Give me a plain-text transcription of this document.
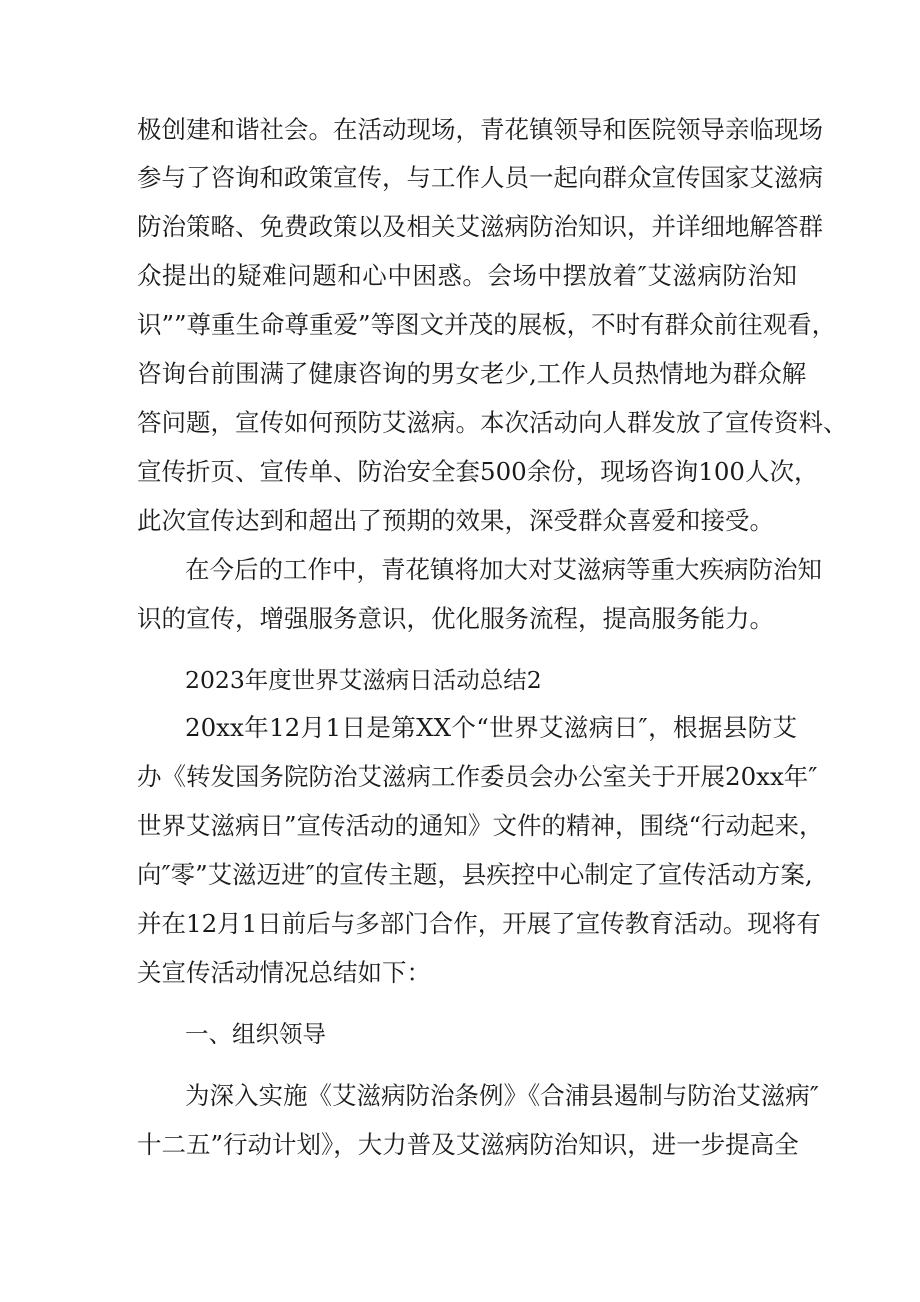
极创建和谐社会。在活动现场，青花镇领导和医院领导亲临现场
参与了咨询和政策宣传，与工作人员一起向群众宣传国家艾滋病
防治策略、免费政策以及相关艾滋病防治知识，并详细地解答群
众提出的疑难问题和心中困惑。会场中摆放着″艾滋病防治知
识””尊重生命尊重爱”等图文并茂的展板，不时有群众前往观看，
咨询台前围满了健康咨询的男女老少,工作人员热情地为群众解
答问题，宣传如何预防艾滋病。本次活动向人群发放了宣传资料、
宣传折页、宣传单、防治安全套500余份，现场咨询100人次，
此次宣传达到和超出了预期的效果，深受群众喜爱和接受。
在今后的工作中，青花镇将加大对艾滋病等重大疾病防治知
识的宣传，增强服务意识，优化服务流程，提高服务能力。
2023年度世界艾滋病日活动总结2
20xx年12月1日是第XX个“世界艾滋病日″，根据县防艾
办《转发国务院防治艾滋病工作委员会办公室关于开展20xx年″
世界艾滋病日”宣传活动的通知》文件的精神，围绕“行动起来，
向″零”艾滋迈进″的宣传主题，县疾控中心制定了宣传活动方案,
并在12月1日前后与多部门合作，开展了宣传教育活动。现将有
关宣传活动情况总结如下：
一、组织领导
为深入实施《艾滋病防治条例》《合浦县遏制与防治艾滋病″
十二五”行动计划》，大力普及艾滋病防治知识，进一步提高全
